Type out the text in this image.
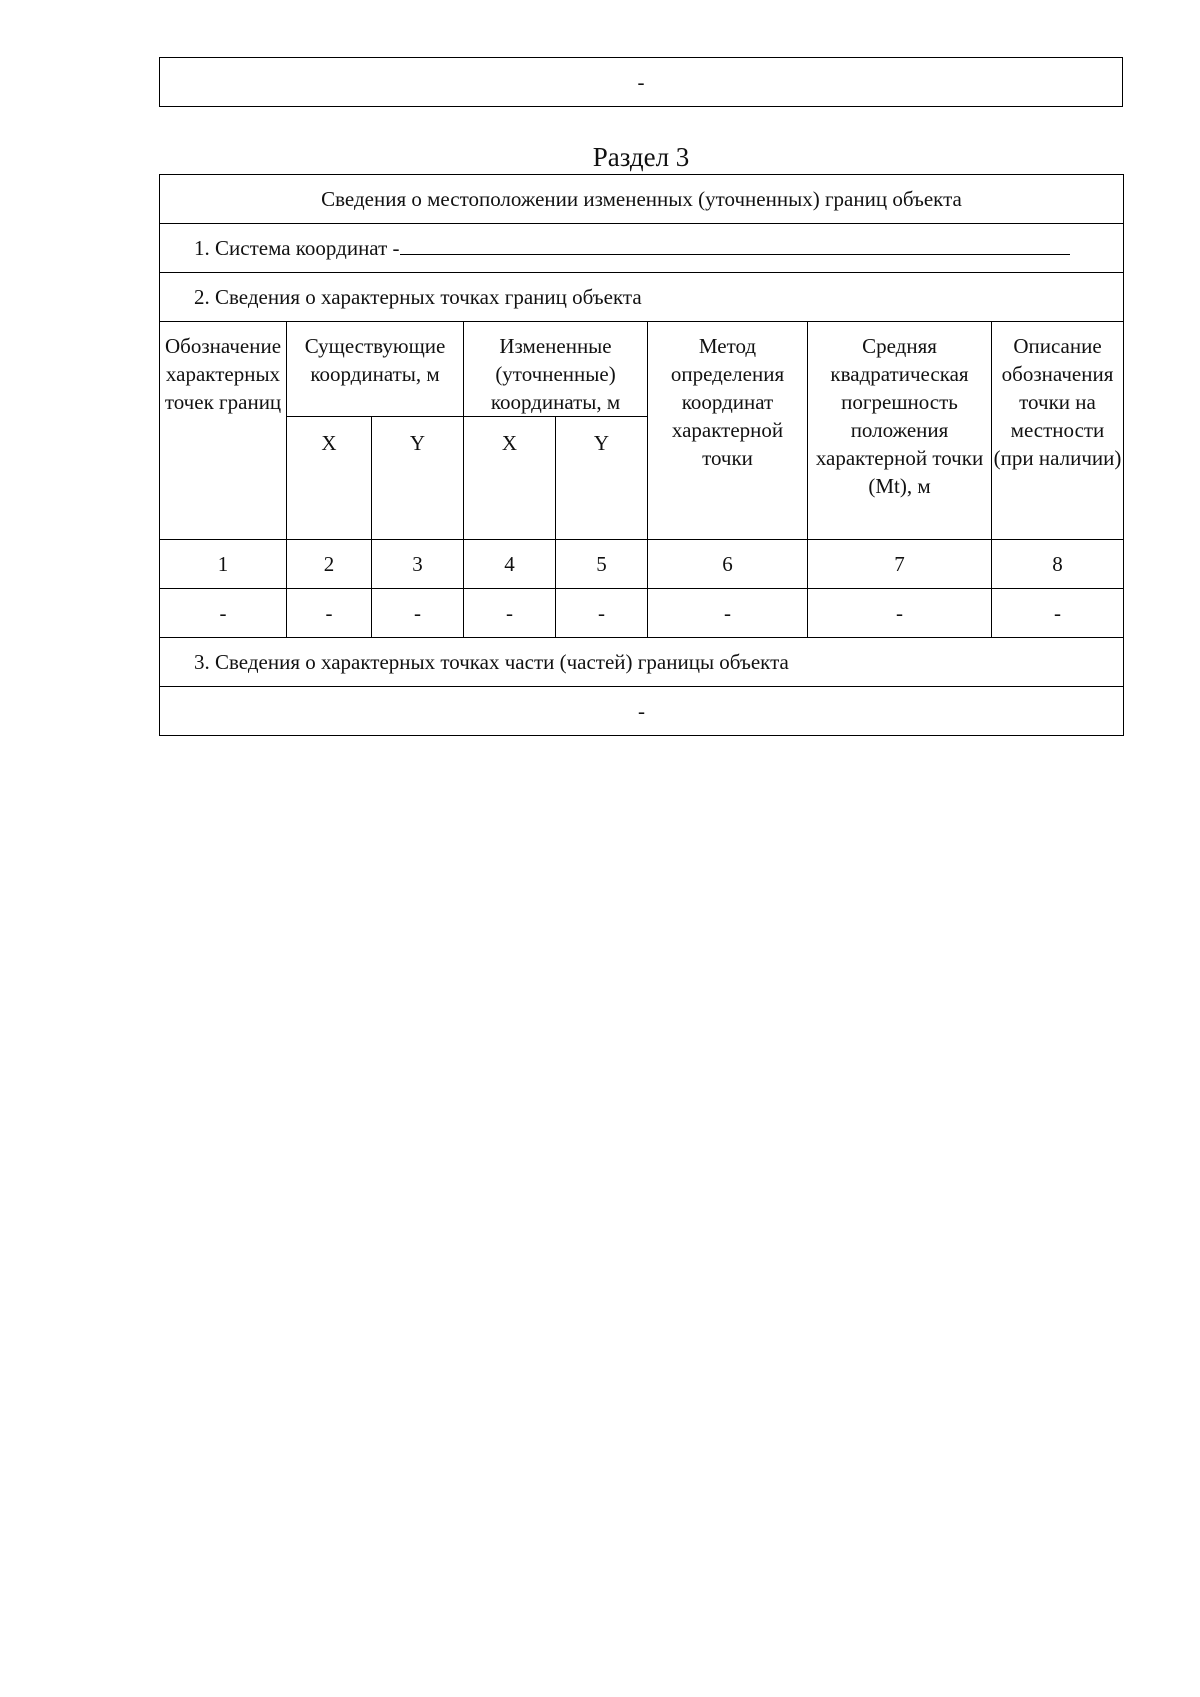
-
Раздел 3
Сведения о местоположении измененных (уточненных) границ объекта							
1. Система координат -							
2. Сведения о характерных точках границ объекта							
Обозначение характерных точек границ	Существующие координаты, м		Измененные (уточненные) координаты, м		Метод определения координат характерной точки	Средняя квадратическая погрешность положения характерной точки (Mt), м	Описание обозначения точки на местности (при наличии)
	X	Y	X	Y			
1	2	3	4	5	6	7	8
-	-	-	-	-	-	-	-
3. Сведения о характерных точках части (частей) границы объекта							
-							
